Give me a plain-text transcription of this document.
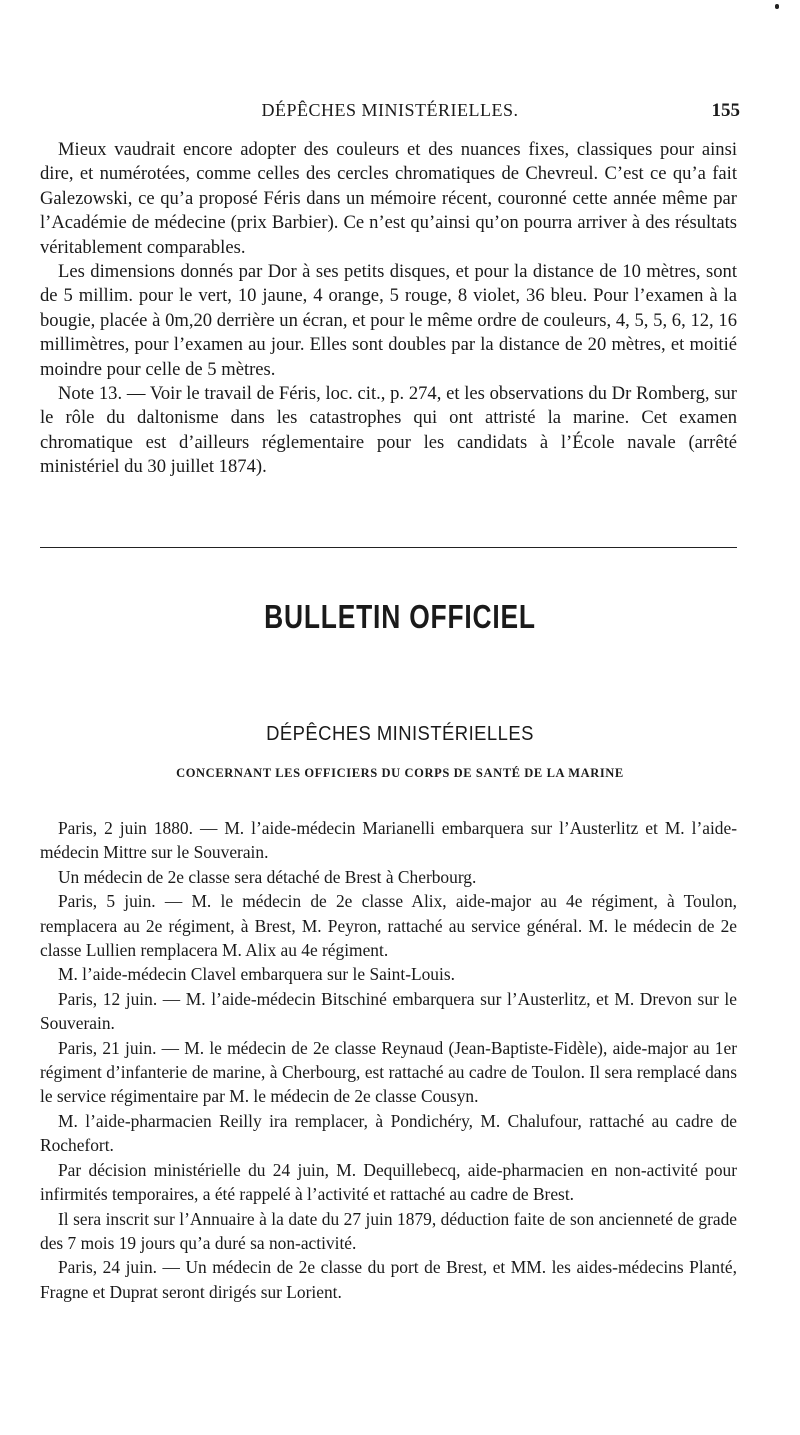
DÉPÊCHES MINISTÉRIELLES.	155

Mieux vaudrait encore adopter des couleurs et des nuances fixes, classiques pour ainsi dire, et numérotées, comme celles des cercles chromatiques de Chevreul. C’est ce qu’a fait Galezowski, ce qu’a proposé Féris dans un mémoire récent, couronné cette année même par l’Académie de médecine (prix Barbier). Ce n’est qu’ainsi qu’on pourra arriver à des résultats véritablement comparables.

Les dimensions donnés par Dor à ses petits disques, et pour la distance de 10 mètres, sont de 5 millim. pour le vert, 10 jaune, 4 orange, 5 rouge, 8 violet, 36 bleu. Pour l’examen à la bougie, placée à 0m,20 derrière un écran, et pour le même ordre de couleurs, 4, 5, 5, 6, 12, 16 millimètres, pour l’examen au jour. Elles sont doubles par la distance de 20 mètres, et moitié moindre pour celle de 5 mètres.

Note 13. — Voir le travail de Féris, loc. cit., p. 274, et les observations du Dr Romberg, sur le rôle du daltonisme dans les catastrophes qui ont attristé la marine. Cet examen chromatique est d’ailleurs réglementaire pour les candidats à l’École navale (arrêté ministériel du 30 juillet 1874).

BULLETIN OFFICIEL
DÉPÊCHES MINISTÉRIELLES
CONCERNANT LES OFFICIERS DU CORPS DE SANTÉ DE LA MARINE

Paris, 2 juin 1880. — M. l’aide-médecin Marianelli embarquera sur l’Austerlitz et M. l’aide-médecin Mittre sur le Souverain.

Un médecin de 2e classe sera détaché de Brest à Cherbourg.

Paris, 5 juin. — M. le médecin de 2e classe Alix, aide-major au 4e régiment, à Toulon, remplacera au 2e régiment, à Brest, M. Peyron, rattaché au service général. M. le médecin de 2e classe Lullien remplacera M. Alix au 4e régiment.

M. l’aide-médecin Clavel embarquera sur le Saint-Louis.

Paris, 12 juin. — M. l’aide-médecin Bitschiné embarquera sur l’Austerlitz, et M. Drevon sur le Souverain.

Paris, 21 juin. — M. le médecin de 2e classe Reynaud (Jean-Baptiste-Fidèle), aide-major au 1er régiment d’infanterie de marine, à Cherbourg, est rattaché au cadre de Toulon. Il sera remplacé dans le service régimentaire par M. le médecin de 2e classe Cousyn.

M. l’aide-pharmacien Reilly ira remplacer, à Pondichéry, M. Chalufour, rattaché au cadre de Rochefort.

Par décision ministérielle du 24 juin, M. Dequillebecq, aide-pharmacien en non-activité pour infirmités temporaires, a été rappelé à l’activité et rattaché au cadre de Brest.

Il sera inscrit sur l’Annuaire à la date du 27 juin 1879, déduction faite de son ancienneté de grade des 7 mois 19 jours qu’a duré sa non-activité.

Paris, 24 juin. — Un médecin de 2e classe du port de Brest, et MM. les aides-médecins Planté, Fragne et Duprat seront dirigés sur Lorient.
